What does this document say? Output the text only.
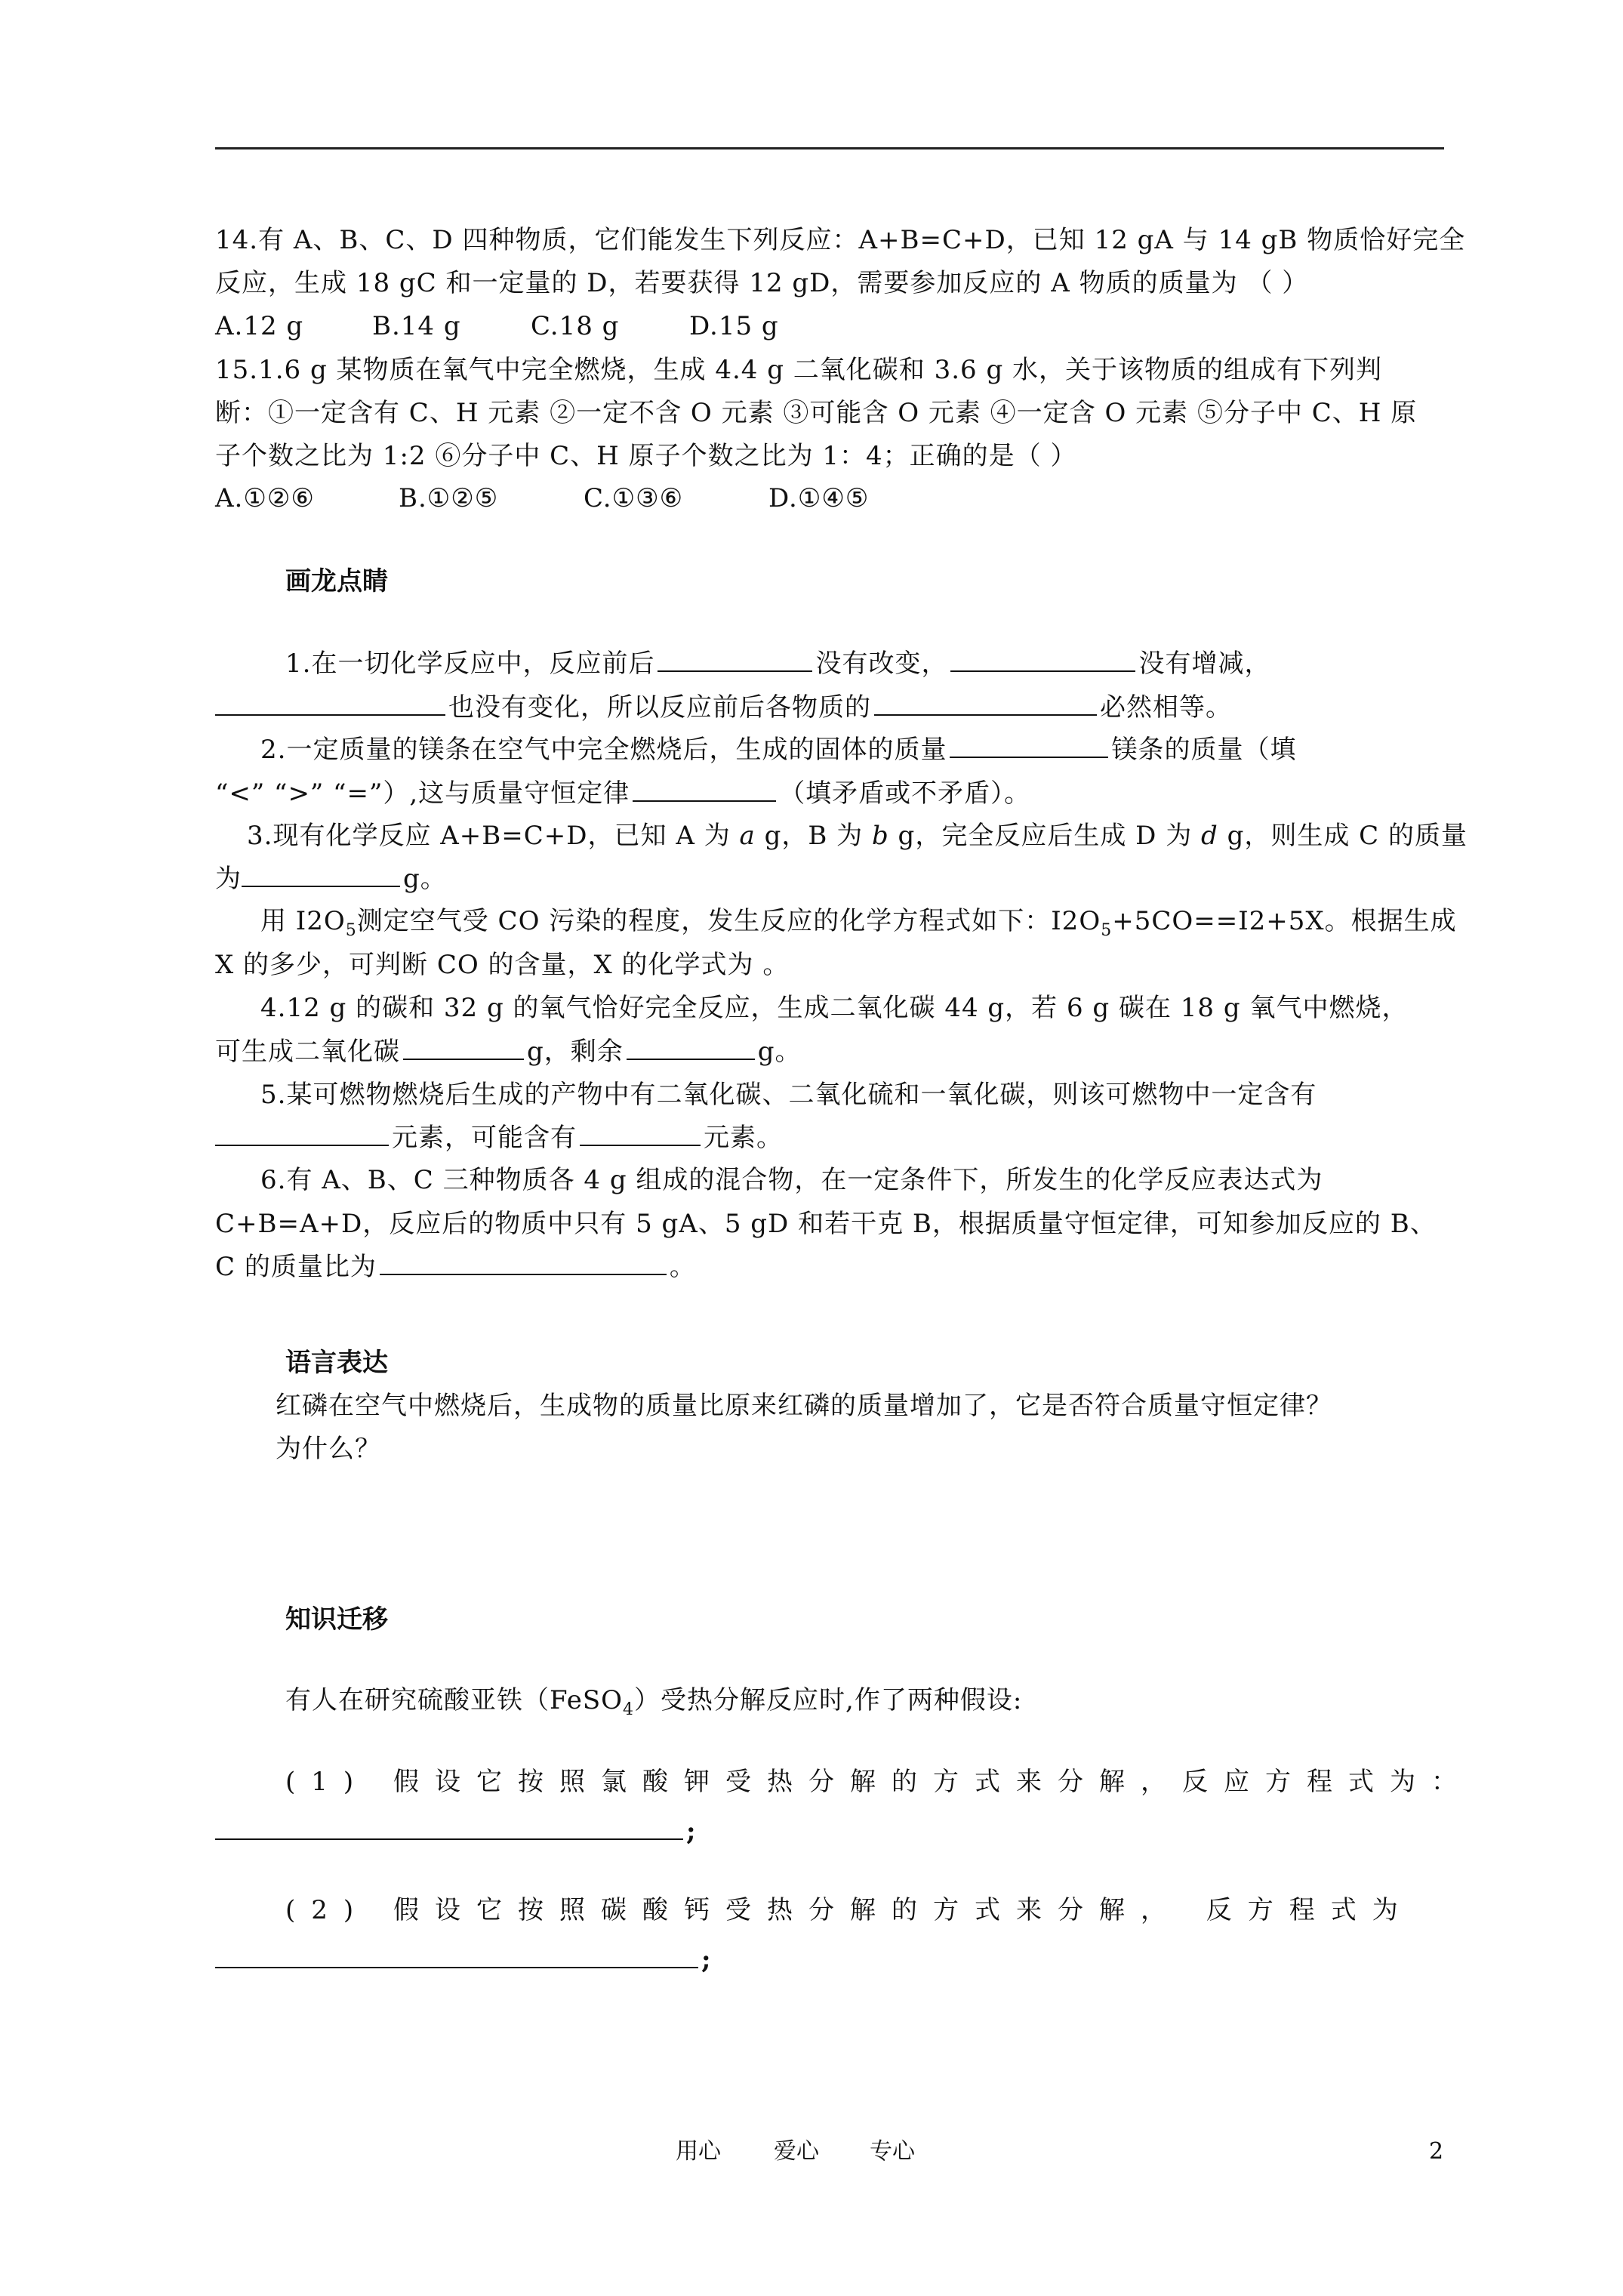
14.有 A、B、C、D 四种物质，它们能发生下列反应：A+B=C+D，已知 12 gA 与 14 gB 物质恰好完全
反应，生成 18 gC 和一定量的 D，若要获得 12 gD，需要参加反应的 A 物质的质量为 （ ）
A.12 g	B.14 g	C.18 g	D.15 g
15.1.6 g 某物质在氧气中完全燃烧，生成 4.4 g 二氧化碳和 3.6 g 水，关于该物质的组成有下列判
断：①一定含有 C、H 元素 ②一定不含 O 元素 ③可能含 O 元素 ④一定含 O 元素 ⑤分子中 C、H 原
子个数之比为 1:2 ⑥分子中 C、H 原子个数之比为 1：4；正确的是（ ）
A.①②⑥	B.①②⑤	C.①③⑥	D.①④⑤
画龙点睛
1.在一切化学反应中，反应前后	没有改变，	没有增减，
也没有变化，所以反应前后各物质的	必然相等。
2.一定质量的镁条在空气中完全燃烧后，生成的固体的质量	镁条的质量（填
“<” “>” “=”）,这与质量守恒定律	（填矛盾或不矛盾）。
3.现有化学反应 A+B=C+D，已知 A 为 a g，B 为 b g，完全反应后生成 D 为 d g，则生成 C 的质量
为	g。
用 $I2O_5$测定空气受 CO 污染的程度，发生反应的化学方程式如下：$I2O_5+5CO==I2+5X$。根据生成
X 的多少，可判断 CO 的含量，X 的化学式为 。
4.12 g 的碳和 32 g 的氧气恰好完全反应，生成二氧化碳 44 g，若 6 g 碳在 18 g 氧气中燃烧，
可生成二氧化碳	g，剩余	g。
5.某可燃物燃烧后生成的产物中有二氧化碳、二氧化硫和一氧化碳，则该可燃物中一定含有
元素，可能含有	元素。
6.有 A、B、C 三种物质各 4 g 组成的混合物，在一定条件下，所发生的化学反应表达式为
C+B=A+D，反应后的物质中只有 5 gA、5 gD 和若干克 B，根据质量守恒定律，可知参加反应的 B、
C 的质量比为	。
语言表达
红磷在空气中燃烧后，生成物的质量比原来红磷的质量增加了，它是否符合质量守恒定律？
为什么？
知识迁移
有人在研究硫酸亚铁（FeSO$_4$）受热分解反应时,作了两种假设:
(1) 假设它按照氯酸钾受热分解的方式来分解，反应方程式为：
;
(2) 假设它按照碳酸钙受热分解的方式来分解， 反方程式为
;
用心 爱心 专心	2
